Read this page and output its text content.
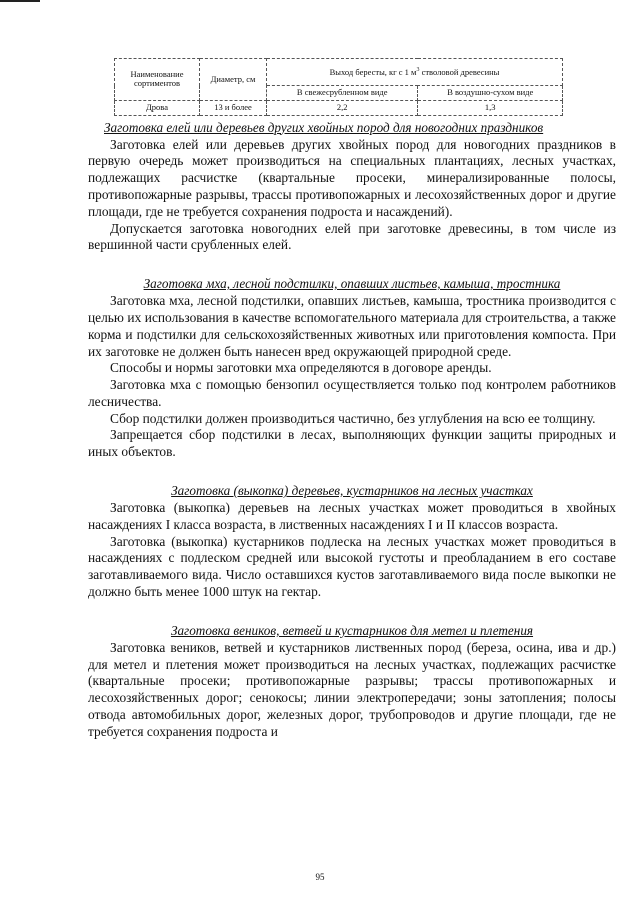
Наименование сортиментов	Диаметр, см	Выход бересты, кг с 1 $м^3$ стволовой древесины	
		В свежесрубленном виде	В воздушно-сухом виде
Дрова	13 и более	2,2	1,3
Заготовка елей или деревьев других хвойных пород для новогодних праздников

Заготовка елей или деревьев других хвойных пород для новогодних праздников в первую очередь может производиться на специальных плантациях, лесных участках, подлежащих расчистке (квартальные просеки, минерализированные полосы, противопожарные разрывы, трассы противопожарных и лесохозяйственных дорог и другие площади, где не требуется сохранения подроста и насаждений).

Допускается заготовка новогодних елей при заготовке древесины, в том числе из вершинной части срубленных елей.

Заготовка мха, лесной подстилки, опавших листьев, камыша, тростника

Заготовка мха, лесной подстилки, опавших листьев, камыша, тростника производится с целью их использования в качестве вспомогательного материала для строительства, а также корма и подстилки для сельскохозяйственных животных или приготовления компоста. При их заготовке не должен быть нанесен вред окружающей природной среде.

Способы и нормы заготовки мха определяются в договоре аренды.

Заготовка мха с помощью бензопил осуществляется только под контролем работников лесничества.

Сбор подстилки должен производиться частично, без углубления на всю ее толщину.

Запрещается сбор подстилки в лесах, выполняющих функции защиты природных и иных объектов.

Заготовка (выкопка) деревьев, кустарников на лесных участках

Заготовка (выкопка) деревьев на лесных участках может проводиться в хвойных насаждениях I класса возраста, в лиственных насаждениях I и II классов возраста.

Заготовка (выкопка) кустарников подлеска на лесных участках может проводиться в насаждениях с подлеском средней или высокой густоты и преобладанием в его составе заготавливаемого вида. Число оставшихся кустов заготавливаемого вида после выкопки не должно быть менее 1000 штук на гектар.

Заготовка веников, ветвей и кустарников для метел и плетения

Заготовка веников, ветвей и кустарников лиственных пород (береза, осина, ива и др.) для метел и плетения может производиться на лесных участках, подлежащих расчистке (квартальные просеки; противопожарные разрывы; трассы противопожарных и лесохозяйственных дорог; сенокосы; линии электропередачи; зоны затопления; полосы отвода автомобильных дорог, железных дорог, трубопроводов и другие площади, где не требуется сохранения подроста и

95
